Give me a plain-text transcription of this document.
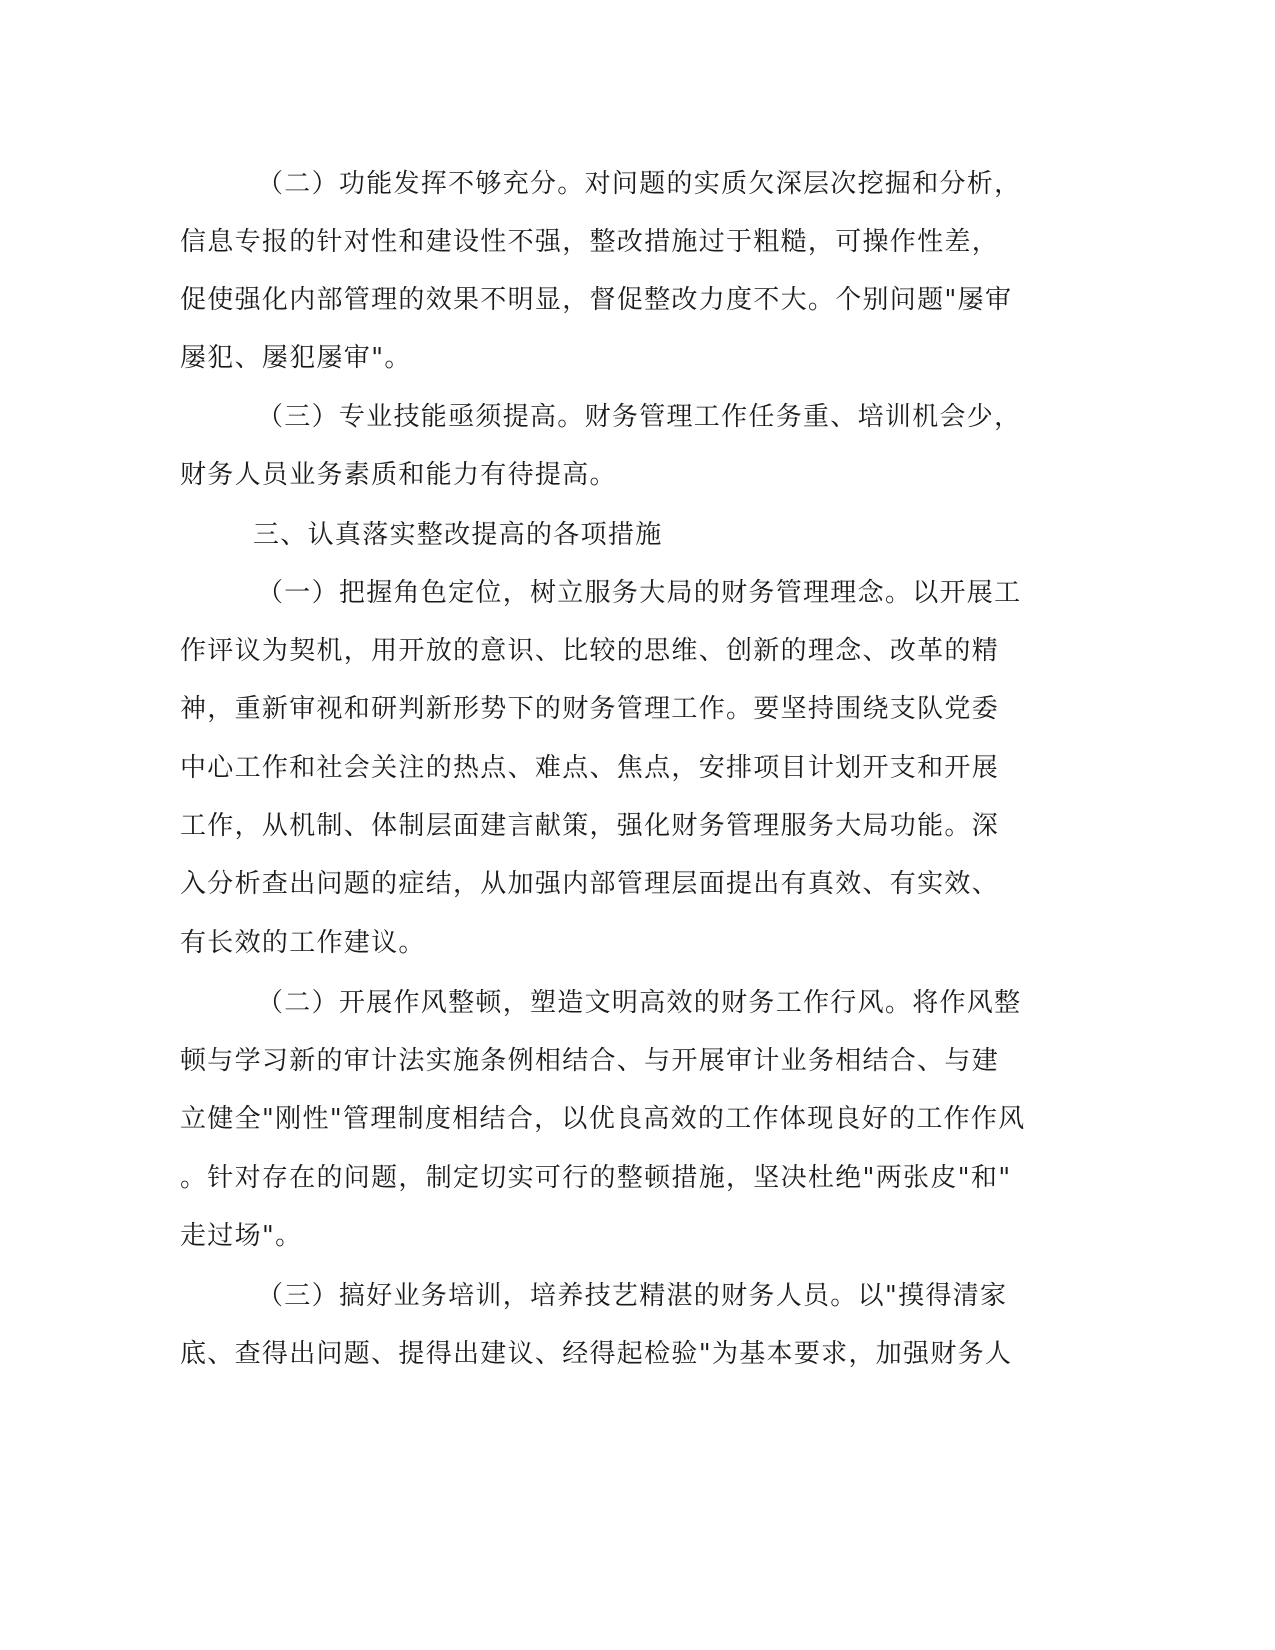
（二）功能发挥不够充分。对问题的实质欠深层次挖掘和分析，

信息专报的针对性和建设性不强，整改措施过于粗糙，可操作性差，

促使强化内部管理的效果不明显，督促整改力度不大。个别问题"屡审

屡犯、屡犯屡审"。

（三）专业技能亟须提高。财务管理工作任务重、培训机会少，

财务人员业务素质和能力有待提高。

三、认真落实整改提高的各项措施

（一）把握角色定位，树立服务大局的财务管理理念。以开展工

作评议为契机，用开放的意识、比较的思维、创新的理念、改革的精

神，重新审视和研判新形势下的财务管理工作。要坚持围绕支队党委

中心工作和社会关注的热点、难点、焦点，安排项目计划开支和开展

工作，从机制、体制层面建言献策，强化财务管理服务大局功能。深

入分析查出问题的症结，从加强内部管理层面提出有真效、有实效、

有长效的工作建议。

（二）开展作风整顿，塑造文明高效的财务工作行风。将作风整

顿与学习新的审计法实施条例相结合、与开展审计业务相结合、与建

立健全"刚性"管理制度相结合，以优良高效的工作体现良好的工作作风

。针对存在的问题，制定切实可行的整顿措施，坚决杜绝"两张皮"和"

走过场"。

（三）搞好业务培训，培养技艺精湛的财务人员。以"摸得清家

底、查得出问题、提得出建议、经得起检验"为基本要求，加强财务人
